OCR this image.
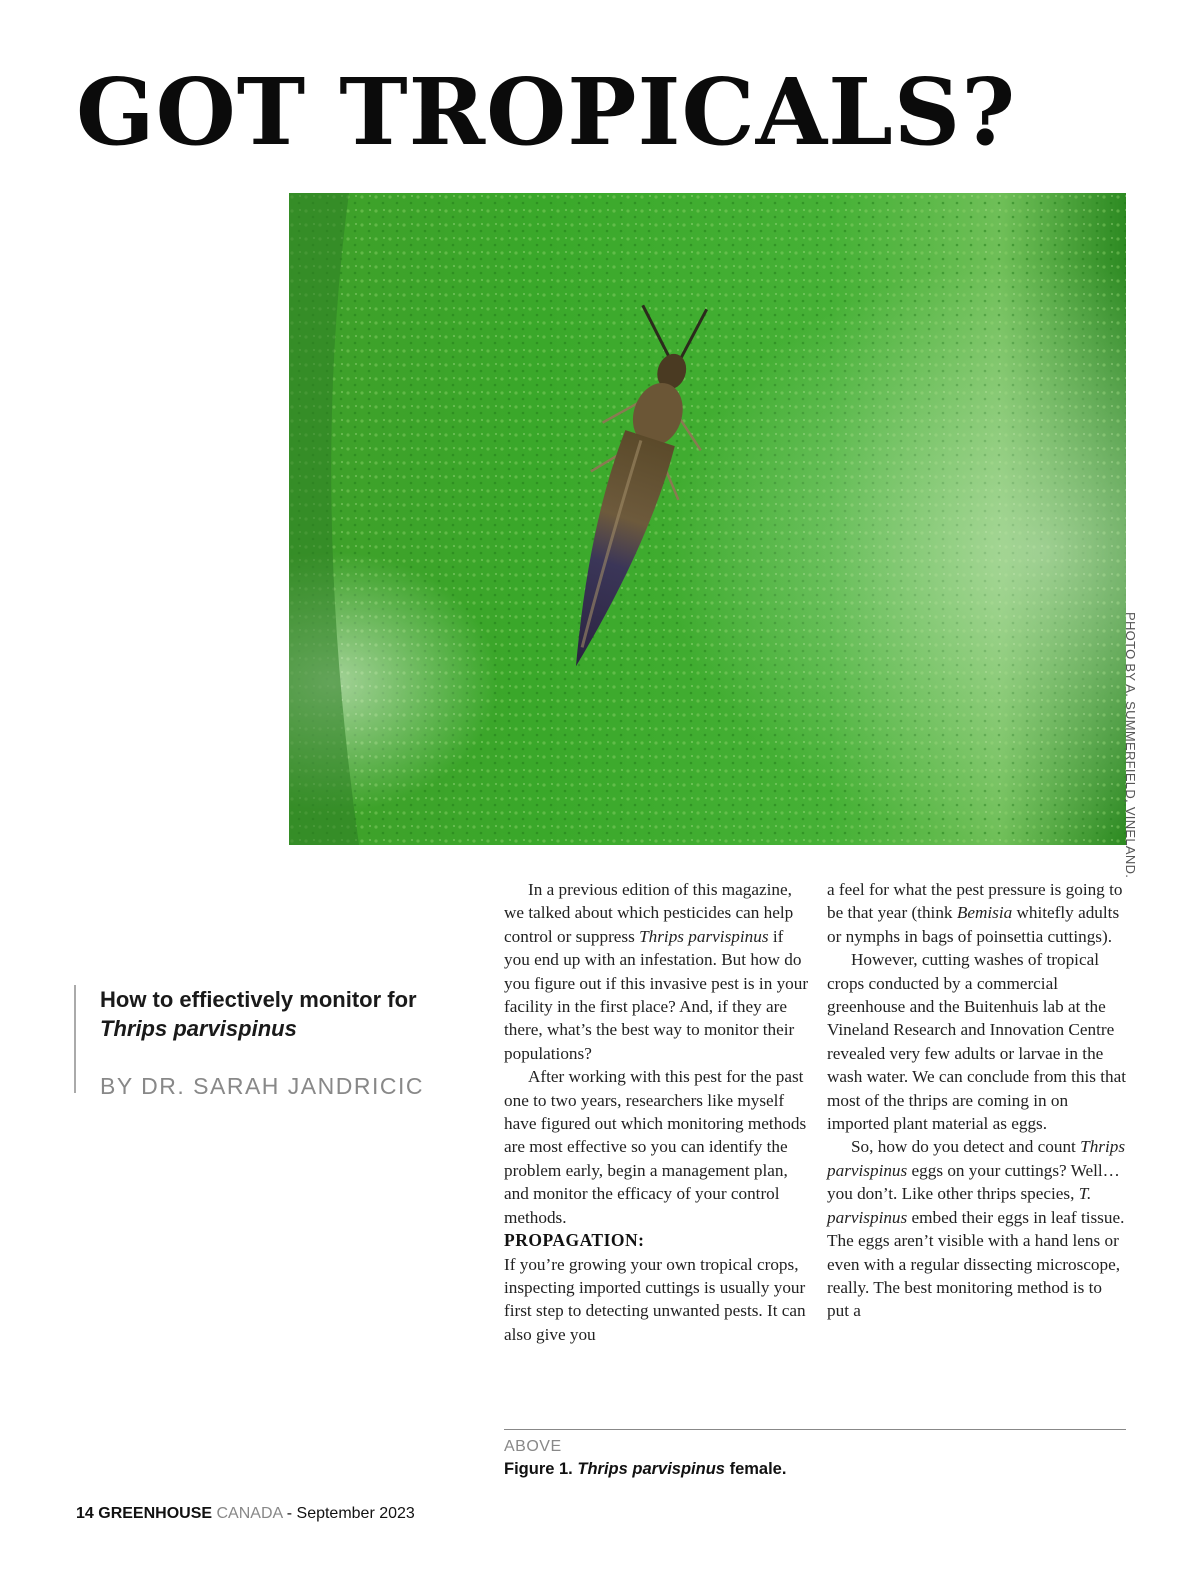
GOT TROPICALS?
PHOTO BY A. SUMMERFIELD, VINELAND.

How to effiectively monitor for
Thrips parvispinus

BY DR. SARAH JANDRICIC

In a previous edition of this magazine, we talked about which pesticides can help control or suppress Thrips parvispinus if you end up with an infestation. But how do you figure out if this invasive pest is in your facility in the first place? And, if they are there, what’s the best way to monitor their populations?

After working with this pest for the past one to two years, researchers like myself have figured out which monitoring methods are most effective so you can identify the problem early, begin a management plan, and monitor the efficacy of your control methods.

PROPAGATION:

If you’re growing your own tropical crops, inspecting imported cuttings is usually your first step to detecting unwanted pests. It can also give you

a feel for what the pest pressure is going to be that year (think Bemisia whitefly adults or nymphs in bags of poinsettia cuttings).

However, cutting washes of tropical crops conducted by a commercial greenhouse and the Buitenhuis lab at the Vineland Research and Innovation Centre revealed very few adults or larvae in the wash water. We can conclude from this that most of the thrips are coming in on imported plant material as eggs.

So, how do you detect and count Thrips parvispinus eggs on your cuttings? Well… you don’t. Like other thrips species, T. parvispinus embed their eggs in leaf tissue. The eggs aren’t visible with a hand lens or even with a regular dissecting microscope, really. The best monitoring method is to put a

ABOVE
Figure 1. Thrips parvispinus female.
14 GREENHOUSE CANADA - September 2023
